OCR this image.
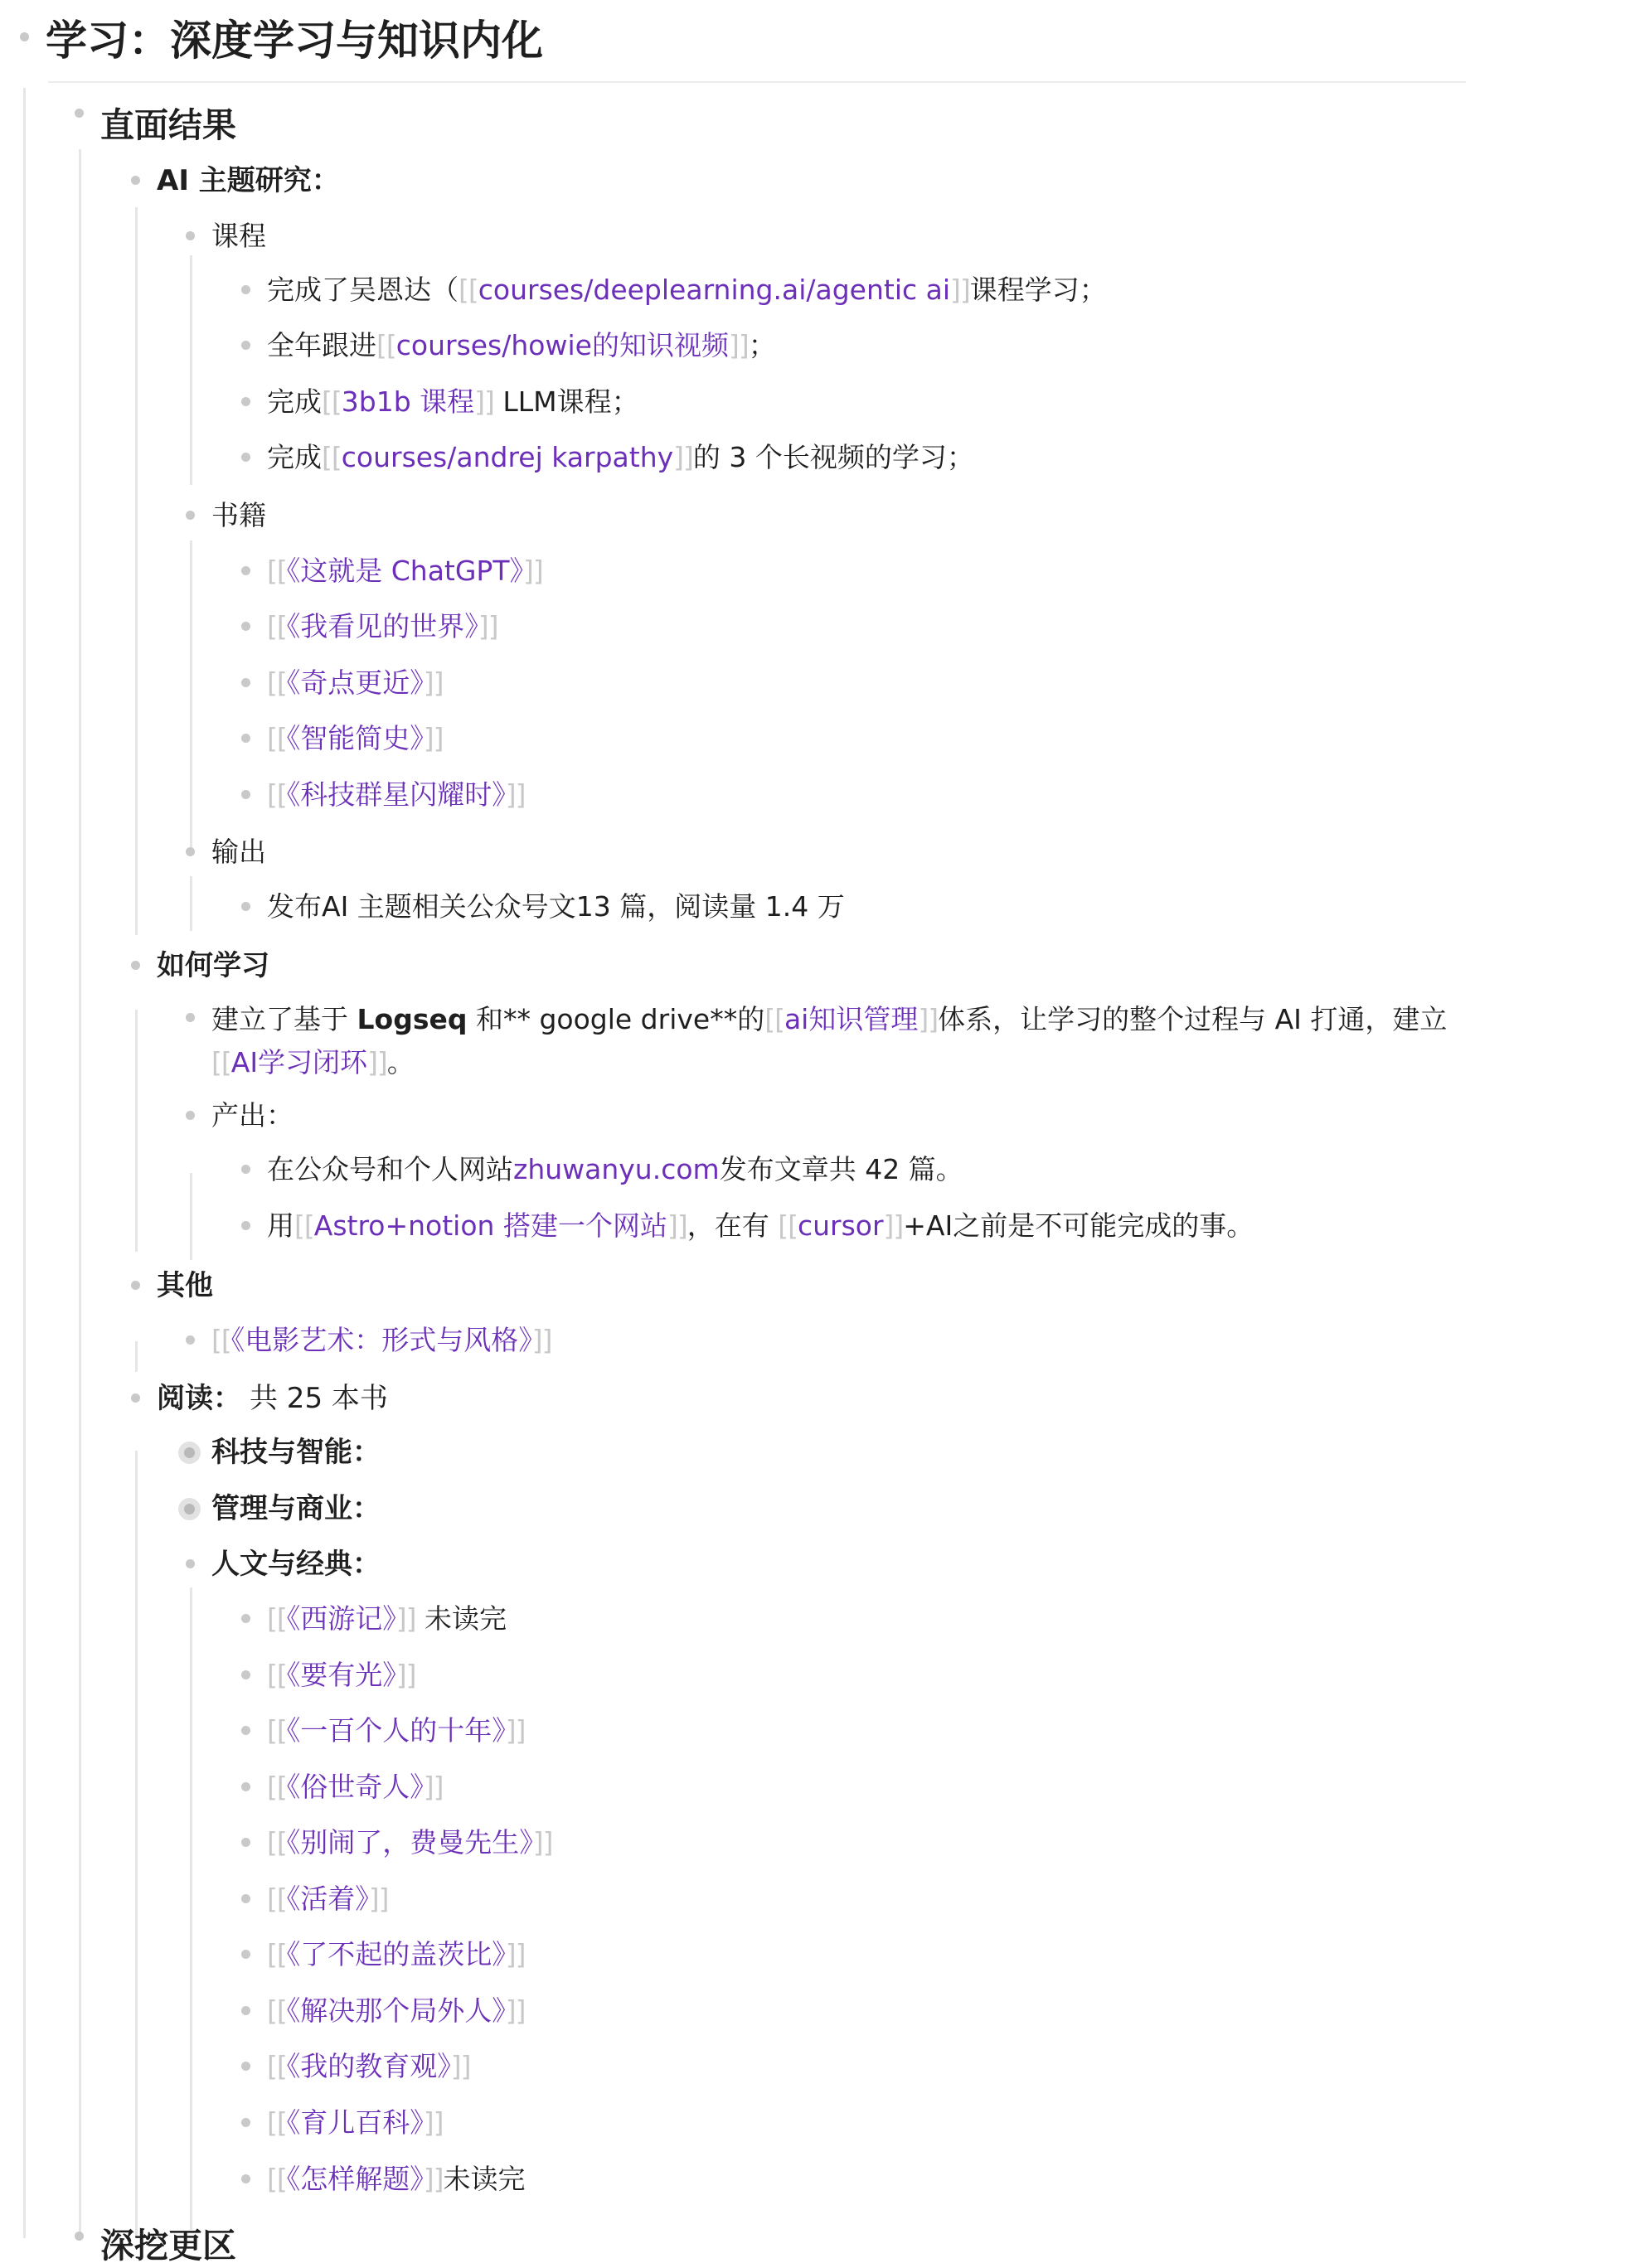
学习：深度学习与知识内化
直面结果
AI 主题研究：
课程
完成了吴恩达（[[courses/deeplearning.ai/agentic ai]]课程学习；
全年跟进[[courses/howie的知识视频]]；
完成[[3b1b 课程]] LLM课程；
完成[[courses/andrej karpathy]]的 3 个长视频的学习；
书籍
[[《这就是 ChatGPT》]]
[[《我看见的世界》]]
[[《奇点更近》]]
[[《智能简史》]]
[[《科技群星闪耀时》]]
输出
发布AI 主题相关公众号文13 篇，阅读量 1.4 万
如何学习
建立了基于 Logseq 和** google drive**的[[ai知识管理]]体系，让学习的整个过程与 AI 打通，建立[[AI学习闭环]]。
产出：
在公众号和个人网站zhuwanyu.com发布文章共 42 篇。
用[[Astro+notion 搭建一个网站]]，在有 [[cursor]]+AI之前是不可能完成的事。
其他
[[《电影艺术：形式与风格》]]
阅读： 共 25 本书
科技与智能：
管理与商业：
人文与经典：
[[《西游记》]] 未读完
[[《要有光》]]
[[《一百个人的十年》]]
[[《俗世奇人》]]
[[《别闹了，费曼先生》]]
[[《活着》]]
[[《了不起的盖茨比》]]
[[《解决那个局外人》]]
[[《我的教育观》]]
[[《育儿百科》]]
[[《怎样解题》]]未读完
深挖更区
